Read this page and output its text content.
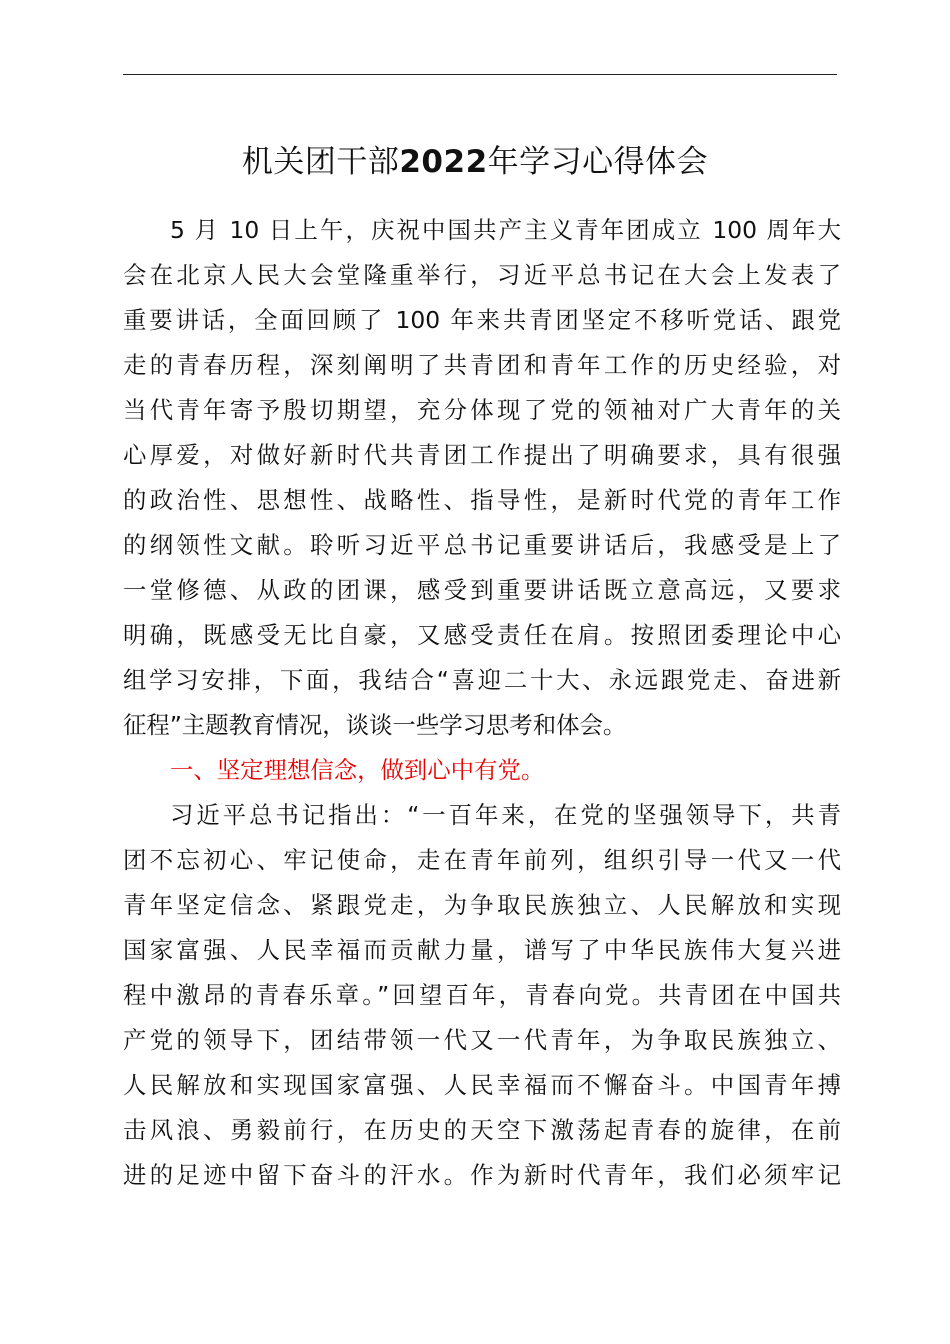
机关团干部2022年学习心得体会
5 月 10 日上午，庆祝中国共产主义青年团成立 100 周年大
会在北京人民大会堂隆重举行，习近平总书记在大会上发表了
重要讲话，全面回顾了 100 年来共青团坚定不移听党话、跟党
走的青春历程，深刻阐明了共青团和青年工作的历史经验，对
当代青年寄予殷切期望，充分体现了党的领袖对广大青年的关
心厚爱，对做好新时代共青团工作提出了明确要求，具有很强
的政治性、思想性、战略性、指导性，是新时代党的青年工作
的纲领性文献。聆听习近平总书记重要讲话后，我感受是上了
一堂修德、从政的团课，感受到重要讲话既立意高远，又要求
明确，既感受无比自豪，又感受责任在肩。按照团委理论中心
组学习安排，下面，我结合“喜迎二十大、永远跟党走、奋进新
征程”主题教育情况，谈谈一些学习思考和体会。
一、坚定理想信念，做到心中有党。
习近平总书记指出：“一百年来，在党的坚强领导下，共青
团不忘初心、牢记使命，走在青年前列，组织引导一代又一代
青年坚定信念、紧跟党走，为争取民族独立、人民解放和实现
国家富强、人民幸福而贡献力量，谱写了中华民族伟大复兴进
程中激昂的青春乐章。”回望百年，青春向党。共青团在中国共
产党的领导下，团结带领一代又一代青年，为争取民族独立、
人民解放和实现国家富强、人民幸福而不懈奋斗。中国青年搏
击风浪、勇毅前行，在历史的天空下激荡起青春的旋律，在前
进的足迹中留下奋斗的汗水。作为新时代青年，我们必须牢记
